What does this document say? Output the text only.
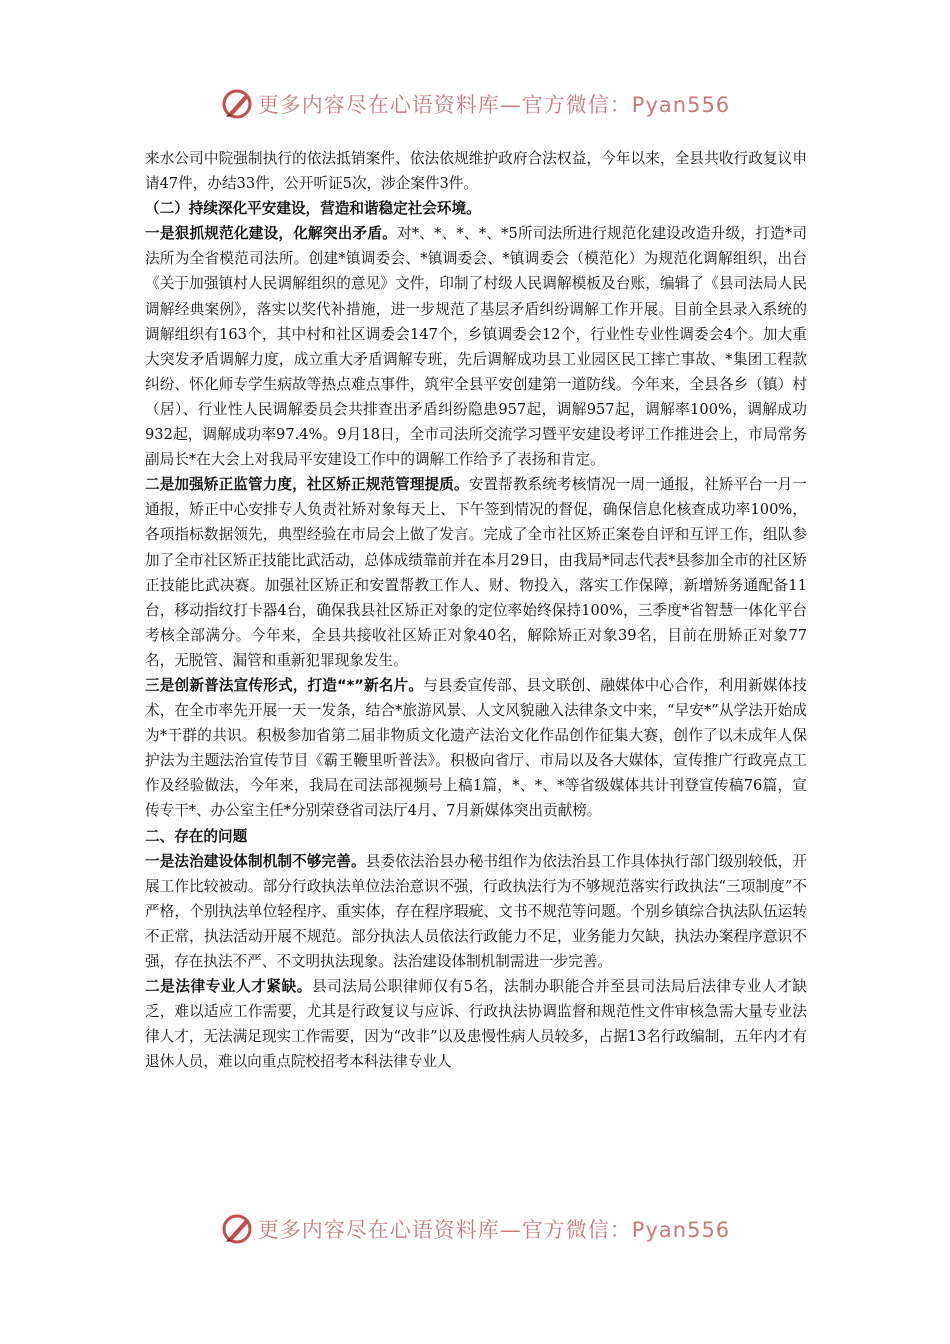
更多内容尽在心语资料库—官方微信：Pyan556

来水公司中院强制执行的依法抵销案件、依法依规维护政府合法权益，今年以来，全县共收行政复议申请47件，办结33件，公开听证5次，涉企案件3件。

（二）持续深化平安建设，营造和谐稳定社会环境。

一是狠抓规范化建设，化解突出矛盾。对*、*、*、*、*5所司法所进行规范化建设改造升级，打造*司法所为全省模范司法所。创建*镇调委会、*镇调委会、*镇调委会（模范化）为规范化调解组织，出台《关于加强镇村人民调解组织的意见》文件，印制了村级人民调解模板及台账，编辑了《县司法局人民调解经典案例》，落实以奖代补措施，进一步规范了基层矛盾纠纷调解工作开展。目前全县录入系统的调解组织有163个，其中村和社区调委会147个，乡镇调委会12个，行业性专业性调委会4个。加大重大突发矛盾调解力度，成立重大矛盾调解专班，先后调解成功县工业园区民工摔亡事故、*集团工程款纠纷、怀化师专学生病故等热点难点事件，筑牢全县平安创建第一道防线。今年来，全县各乡（镇）村（居）、行业性人民调解委员会共排查出矛盾纠纷隐患957起，调解957起，调解率100%，调解成功932起，调解成功率97.4%。9月18日，全市司法所交流学习暨平安建设考评工作推进会上，市局常务副局长*在大会上对我局平安建设工作中的调解工作给予了表扬和肯定。

二是加强矫正监管力度，社区矫正规范管理提质。安置帮教系统考核情况一周一通报，社矫平台一月一通报，矫正中心安排专人负责社矫对象每天上、下午签到情况的督促，确保信息化核查成功率100%，各项指标数据领先，典型经验在市局会上做了发言。完成了全市社区矫正案卷自评和互评工作，组队参加了全市社区矫正技能比武活动，总体成绩靠前并在本月29日，由我局*同志代表*县参加全市的社区矫正技能比武决赛。加强社区矫正和安置帮教工作人、财、物投入，落实工作保障，新增矫务通配备11台，移动指纹打卡器4台，确保我县社区矫正对象的定位率始终保持100%，三季度*省智慧一体化平台考核全部满分。今年来，全县共接收社区矫正对象40名，解除矫正对象39名，目前在册矫正对象77名，无脱管、漏管和重新犯罪现象发生。

三是创新普法宣传形式，打造“*”新名片。与县委宣传部、县文联创、融媒体中心合作，利用新媒体技术，在全市率先开展一天一发条，结合*旅游风景、人文风貌融入法律条文中来，“早安*”从学法开始成为*干群的共识。积极参加省第二届非物质文化遗产法治文化作品创作征集大赛，创作了以未成年人保护法为主题法治宣传节目《霸王鞭里听普法》。积极向省厅、市局以及各大媒体，宣传推广行政亮点工作及经验做法，今年来，我局在司法部视频号上稿1篇，*、*、*等省级媒体共计刊登宣传稿76篇，宣传专干*、办公室主任*分别荣登省司法厅4月、7月新媒体突出贡献榜。

二、存在的问题

一是法治建设体制机制不够完善。县委依法治县办秘书组作为依法治县工作具体执行部门级别较低，开展工作比较被动。部分行政执法单位法治意识不强，行政执法行为不够规范落实行政执法“三项制度”不严格，个别执法单位轻程序、重实体，存在程序瑕疵、文书不规范等问题。个别乡镇综合执法队伍运转不正常，执法活动开展不规范。部分执法人员依法行政能力不足，业务能力欠缺，执法办案程序意识不强，存在执法不严、不文明执法现象。法治建设体制机制需进一步完善。

二是法律专业人才紧缺。县司法局公职律师仅有5名，法制办职能合并至县司法局后法律专业人才缺乏，难以适应工作需要，尤其是行政复议与应诉、行政执法协调监督和规范性文件审核急需大量专业法律人才，无法满足现实工作需要，因为“改非”以及患慢性病人员较多，占据13名行政编制，五年内才有退休人员，难以向重点院校招考本科法律专业人

更多内容尽在心语资料库—官方微信：Pyan556
